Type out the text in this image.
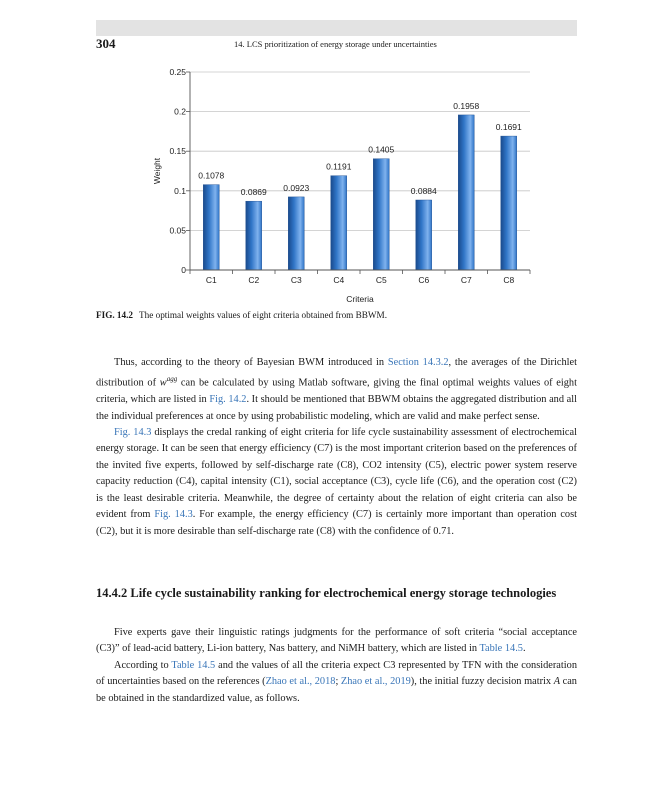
304	14. LCS prioritization of energy storage under uncertainties
0.1078
0.0869 0.0923
0.1191
0.1405
0.0884
0.1958
0.1691
0
0.05
0.1
0.15
0.2
0.25
C1	C2	C3	C4	C5	C6	C7	C8
Criteria
Weight
FIG. 14.2 The optimal weights values of eight criteria obtained from BBWM.

Thus, according to the theory of Bayesian BWM introduced in Section 14.3.2, the averages of the Dirichlet distribution of $w^{agg}$ can be calculated by using Matlab software, giving the final optimal weights values of eight criteria, which are listed in Fig. 14.2. It should be mentioned that BBWM obtains the aggregated distribution and all the individual preferences at once by using probabilistic modeling, which are valid and make perfect sense.

Fig. 14.3 displays the credal ranking of eight criteria for life cycle sustainability assessment of electrochemical energy storage. It can be seen that energy efficiency (C7) is the most important criterion based on the preferences of the invited five experts, followed by self-discharge rate (C8), CO2 intensity (C5), electric power system reserve capacity reduction (C4), capital intensity (C1), social acceptance (C3), cycle life (C6), and the operation cost (C2) is the least desirable criteria. Meanwhile, the degree of certainty about the relation of eight criteria can also be evident from Fig. 14.3. For example, the energy efficiency (C7) is certainly more important than operation cost (C2), but it is more desirable than self-discharge rate (C8) with the confidence of 0.71.

14.4.2 Life cycle sustainability ranking for electrochemical energy storage technologies

Five experts gave their linguistic ratings judgments for the performance of soft criteria “social acceptance (C3)” of lead-acid battery, Li-ion battery, Nas battery, and NiMH battery, which are listed in Table 14.5.

According to Table 14.5 and the values of all the criteria expect C3 represented by TFN with the consideration of uncertainties based on the references (Zhao et al., 2018; Zhao et al., 2019), the initial fuzzy decision matrix A can be obtained in the standardized value, as follows.
